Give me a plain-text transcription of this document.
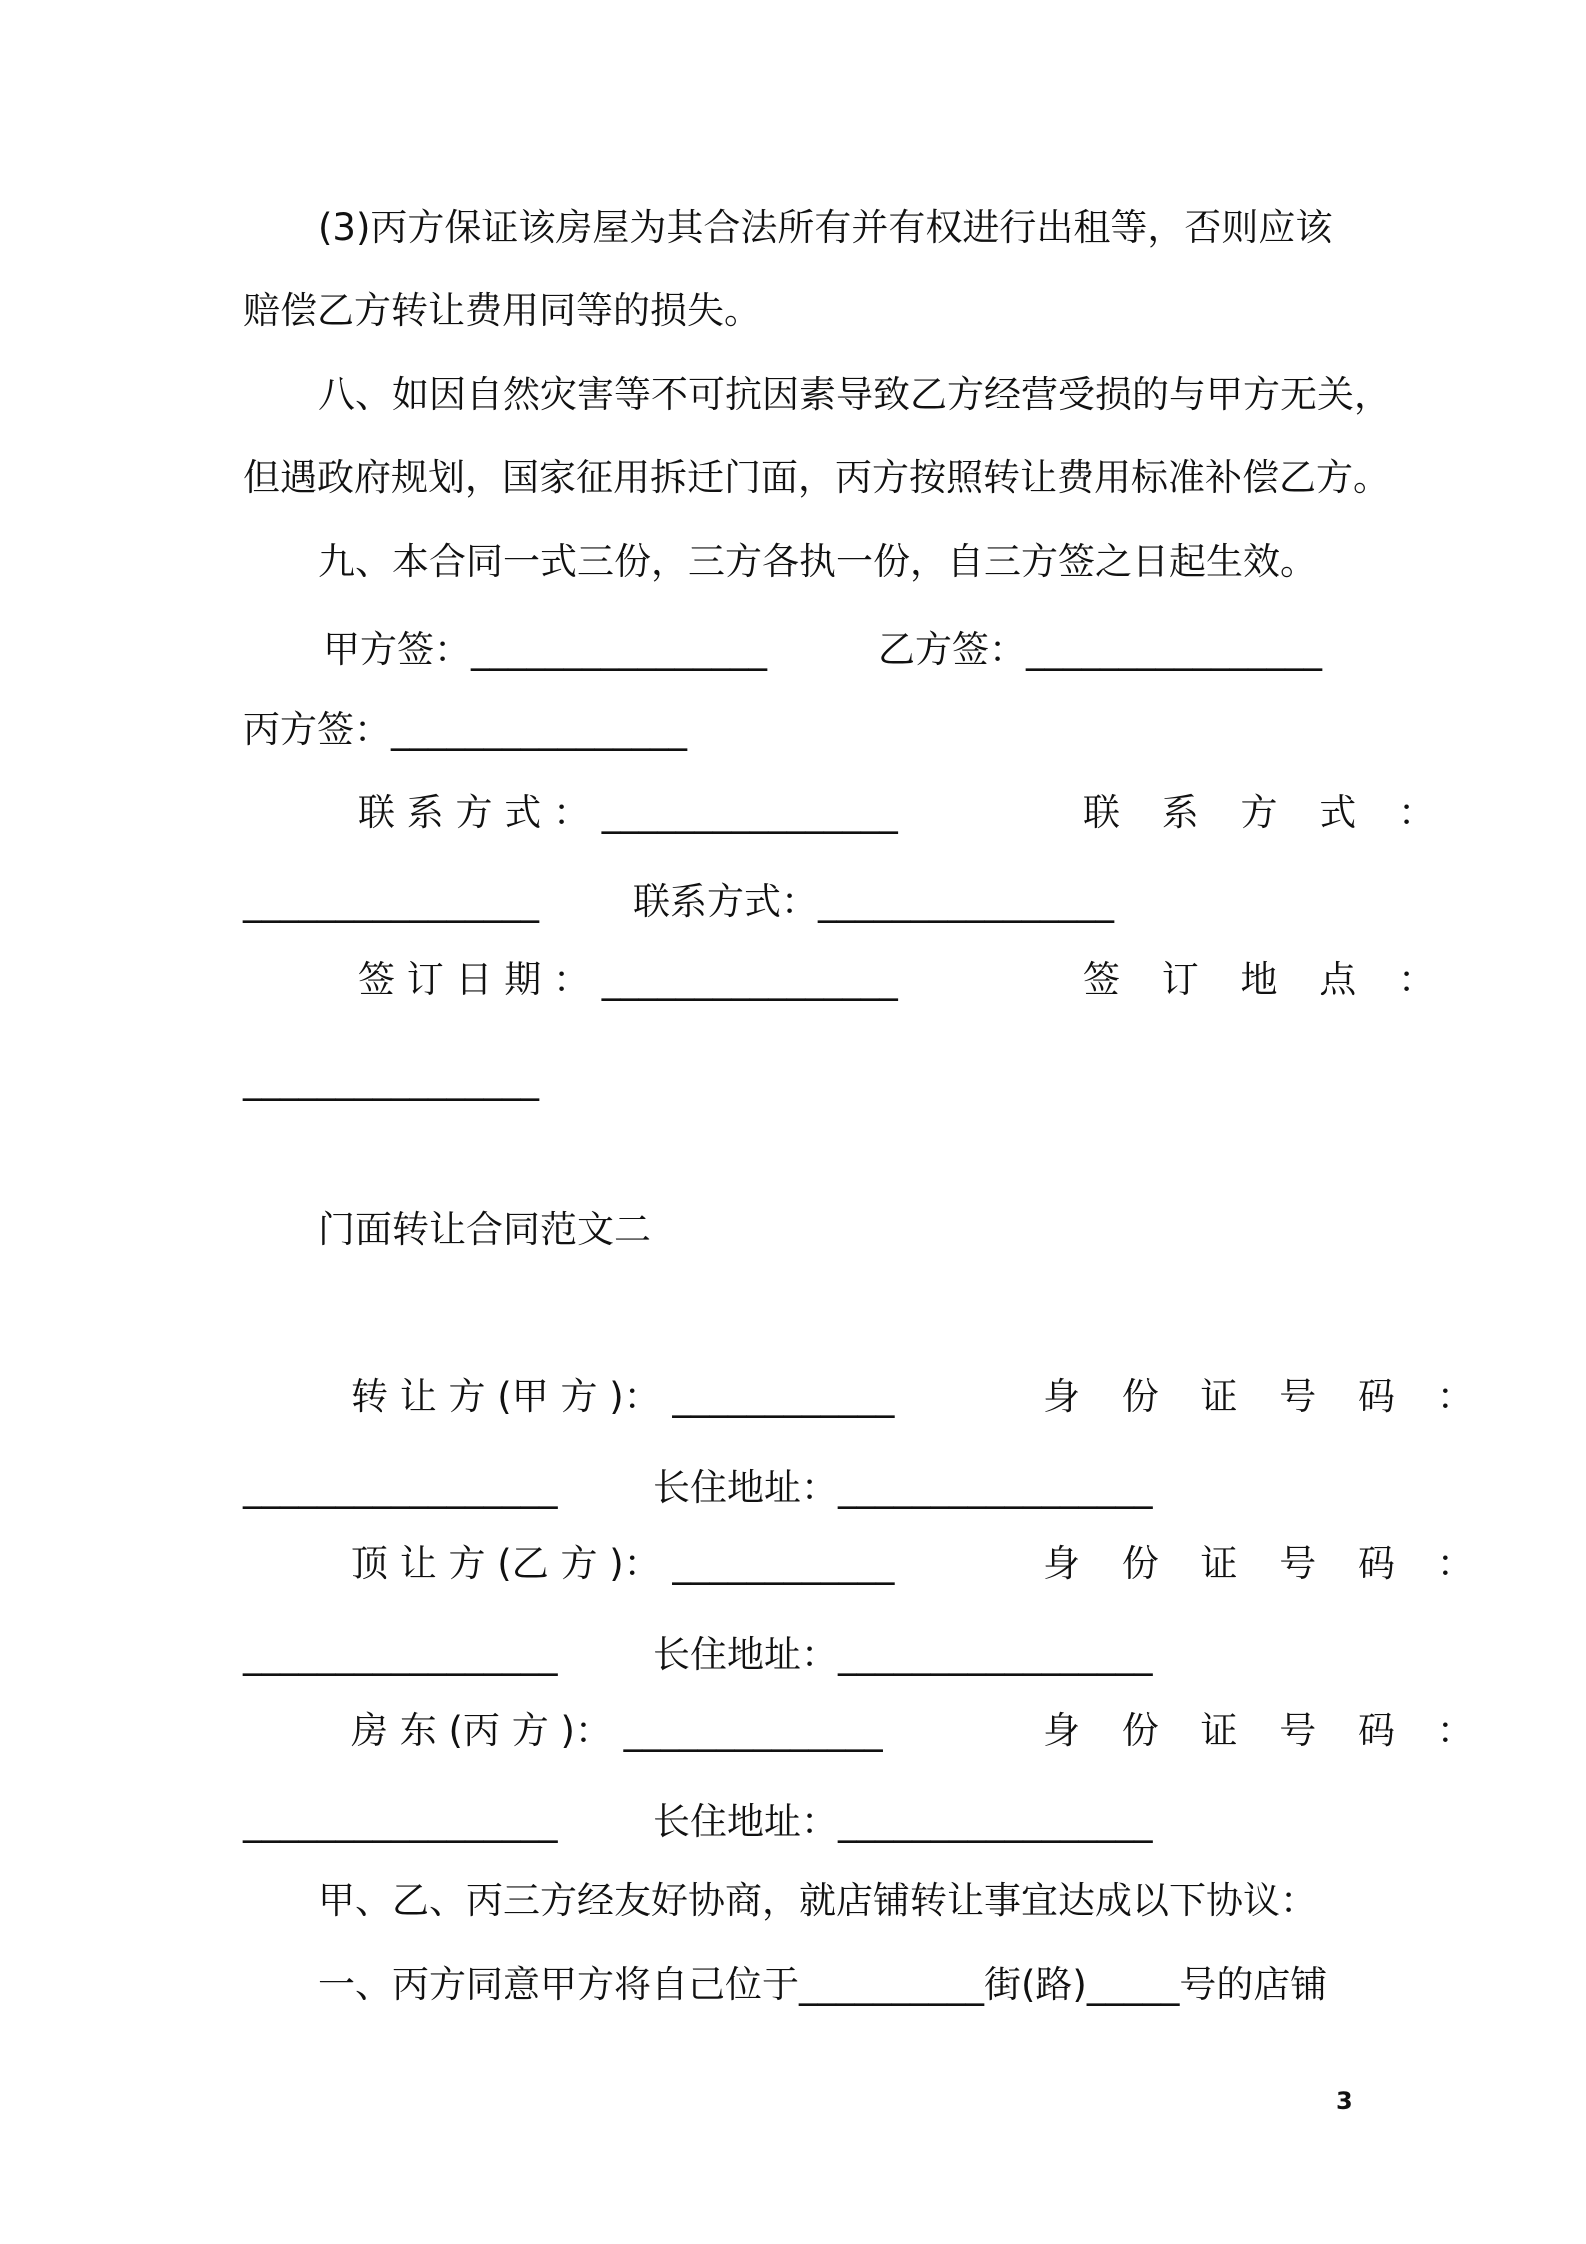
(3)丙方保证该房屋为其合法所有并有权进行出租等，否则应该
赔偿乙方转让费用同等的损失。
八、如因自然灾害等不可抗因素导致乙方经营受损的与甲方无关，
但遇政府规划，国家征用拆迁门面，丙方按照转让费用标准补偿乙方。
九、本合同一式三份，三方各执一份，自三方签之日起生效。
甲方签：________________	乙方签：________________
丙方签：________________
联 系 方 式 ： ________________	联 系 方 式 ：
________________	联系方式：________________
签 订 日 期 ： ________________	签 订 地 点 ：
________________
门面转让合同范文二
转 让 方 (甲 方 )： ____________	身 份 证 号 码 ：
_________________	长住地址：_________________
顶 让 方 (乙 方 )： ____________	身 份 证 号 码 ：
_________________	长住地址：_________________
房 东 (丙 方 )： ______________	身 份 证 号 码 ：
_________________	长住地址：_________________
甲、乙、丙三方经友好协商，就店铺转让事宜达成以下协议：
一、丙方同意甲方将自己位于__________街(路)_____号的店铺
3
